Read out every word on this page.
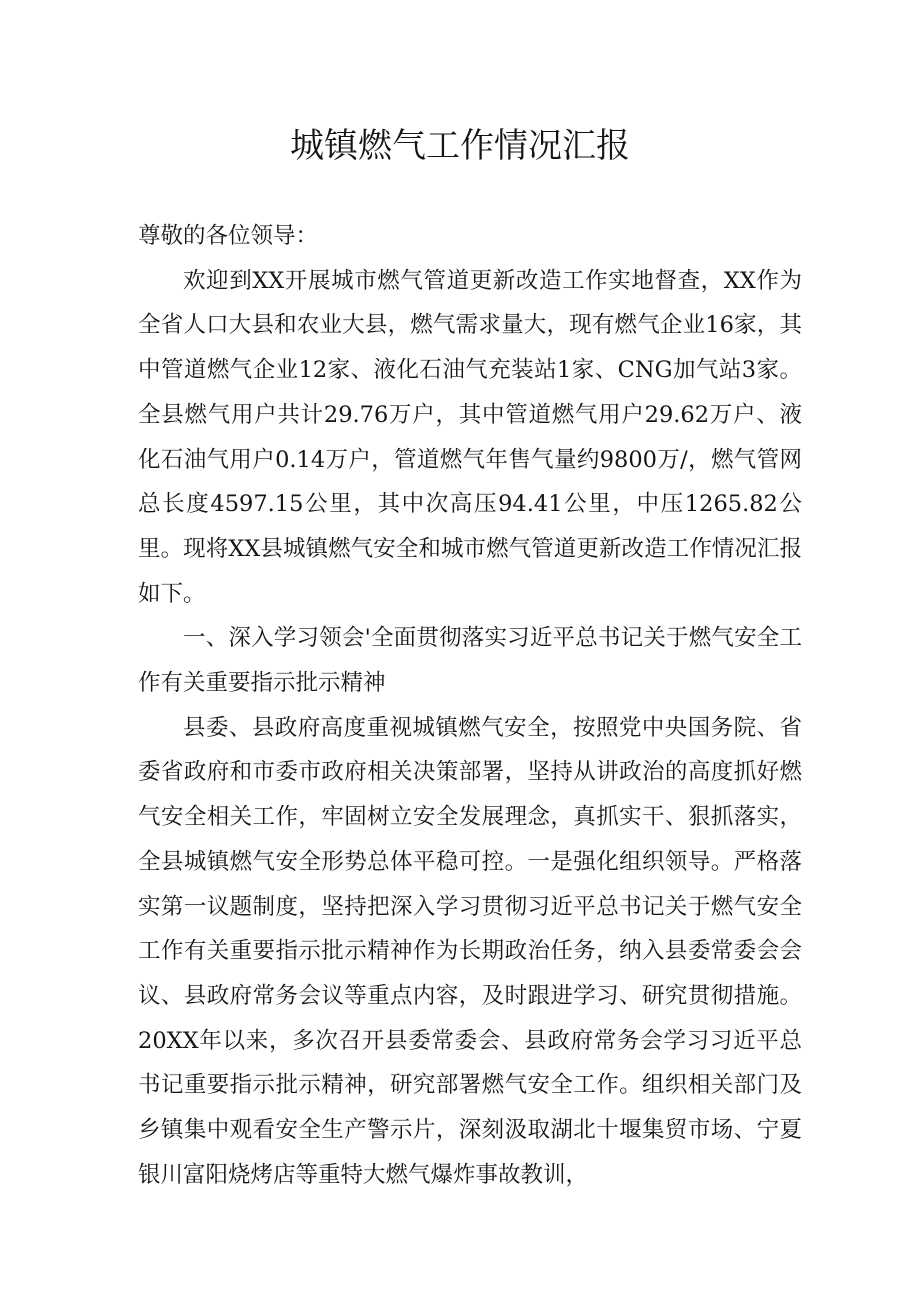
城镇燃气工作情况汇报

尊敬的各位领导：

欢迎到XX开展城市燃气管道更新改造工作实地督查，XX作为全省人口大县和农业大县，燃气需求量大，现有燃气企业16家，其中管道燃气企业12家、液化石油气充装站1家、CNG加气站3家。全县燃气用户共计29.76万户，其中管道燃气用户29.62万户、液化石油气用户0.14万户，管道燃气年售气量约9800万/，燃气管网总长度4597.15公里，其中次高压94.41公里，中压1265.82公里。现将XX县城镇燃气安全和城市燃气管道更新改造工作情况汇报如下。

一、深入学习领会'全面贯彻落实习近平总书记关于燃气安全工作有关重要指示批示精神

县委、县政府高度重视城镇燃气安全，按照党中央国务院、省委省政府和市委市政府相关决策部署，坚持从讲政治的高度抓好燃气安全相关工作，牢固树立安全发展理念，真抓实干、狠抓落实，全县城镇燃气安全形势总体平稳可控。一是强化组织领导。严格落实第一议题制度，坚持把深入学习贯彻习近平总书记关于燃气安全工作有关重要指示批示精神作为长期政治任务，纳入县委常委会会议、县政府常务会议等重点内容，及时跟进学习、研究贯彻措施。20XX年以来，多次召开县委常委会、县政府常务会学习习近平总书记重要指示批示精神，研究部署燃气安全工作。组织相关部门及乡镇集中观看安全生产警示片，深刻汲取湖北十堰集贸市场、宁夏银川富阳烧烤店等重特大燃气爆炸事故教训，
